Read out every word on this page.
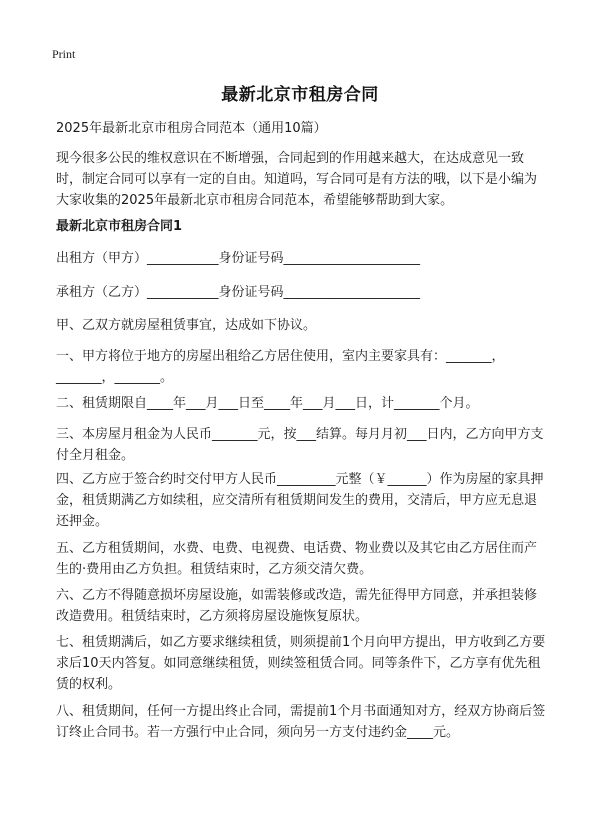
Print
最新北京市租房合同
2025年最新北京市租房合同范本（通用10篇）
现今很多公民的维权意识在不断增强，合同起到的作用越来越大，在达成意见一致时，制定合同可以享有一定的自由。知道吗，写合同可是有方法的哦，以下是小编为大家收集的2025年最新北京市租房合同范本，希望能够帮助到大家。
最新北京市租房合同1
出租方（甲方）___________身份证号码_____________________
承租方（乙方）___________身份证号码_____________________
甲、乙双方就房屋租赁事宜，达成如下协议。
一、甲方将位于地方的房屋出租给乙方居住使用，室内主要家具有：_______，_______，_______。
二、租赁期限自____年___月___日至____年___月___日，计_______个月。
三、本房屋月租金为人民币_______元，按___结算。每月月初___日内，乙方向甲方支付全月租金。
四、乙方应于签合约时交付甲方人民币_________元整（￥______）作为房屋的家具押金，租赁期满乙方如续租，应交清所有租赁期间发生的费用，交清后，甲方应无息退还押金。
五、乙方租赁期间，水费、电费、电视费、电话费、物业费以及其它由乙方居住而产生的·费用由乙方负担。租赁结束时，乙方须交清欠费。
六、乙方不得随意损坏房屋设施，如需装修或改造，需先征得甲方同意，并承担装修改造费用。租赁结束时，乙方须将房屋设施恢复原状。
七、租赁期满后，如乙方要求继续租赁，则须提前1个月向甲方提出，甲方收到乙方要求后10天内答复。如同意继续租赁，则续签租赁合同。同等条件下，乙方享有优先租赁的权利。
八、租赁期间，任何一方提出终止合同，需提前1个月书面通知对方，经双方协商后签订终止合同书。若一方强行中止合同，须向另一方支付违约金____元。
